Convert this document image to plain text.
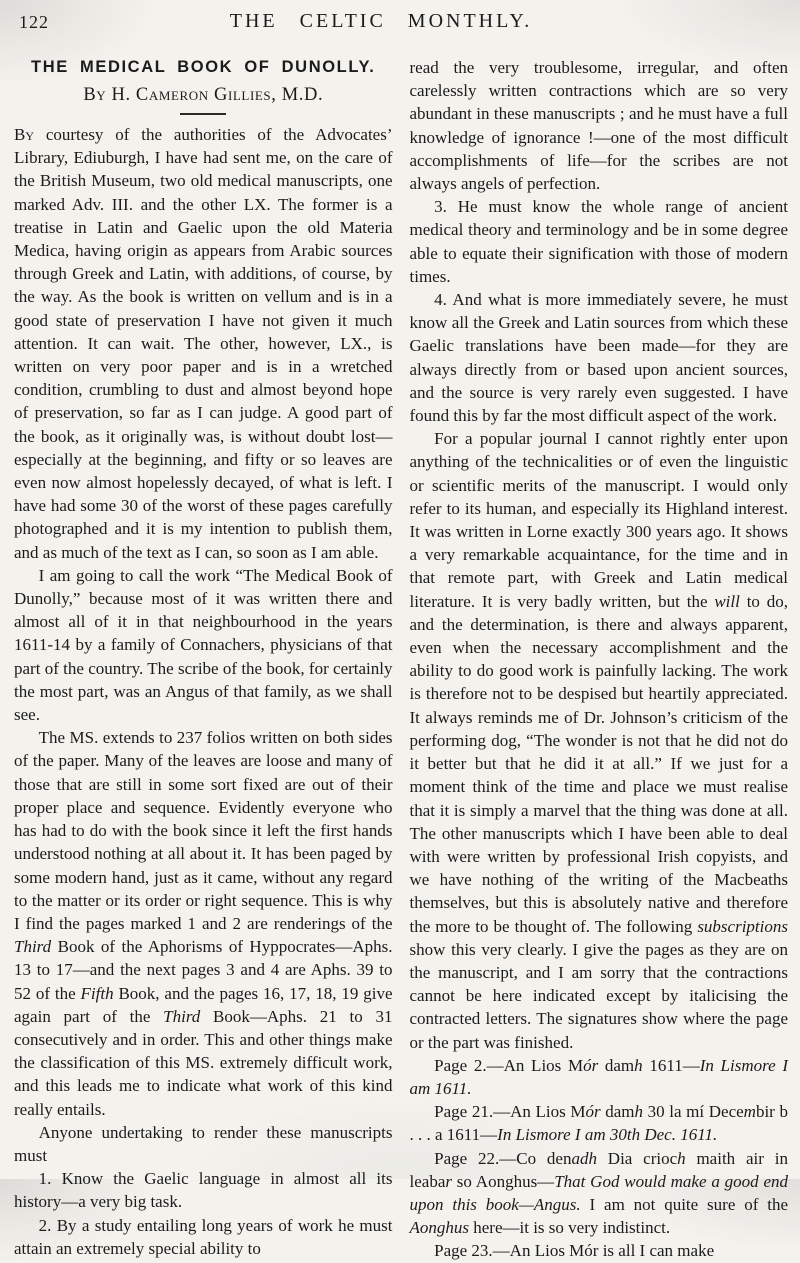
122	THE CELTIC MONTHLY.
THE MEDICAL BOOK OF DUNOLLY.
By H. Cameron Gillies, M.D.

By courtesy of the authorities of the Advocates’ Library, Ediuburgh, I have had sent me, on the care of the British Museum, two old medical manuscripts, one marked Adv. III. and the other LX. The former is a treatise in Latin and Gaelic upon the old Materia Medica, having origin as appears from Arabic sources through Greek and Latin, with additions, of course, by the way. As the book is written on vellum and is in a good state of preservation I have not given it much attention. It can wait. The other, however, LX., is written on very poor paper and is in a wretched condition, crumbling to dust and almost beyond hope of preservation, so far as I can judge. A good part of the book, as it originally was, is without doubt lost—especially at the beginning, and fifty or so leaves are even now almost hopelessly decayed, of what is left. I have had some 30 of the worst of these pages carefully photographed and it is my intention to publish them, and as much of the text as I can, so soon as I am able.

I am going to call the work “The Medical Book of Dunolly,” because most of it was written there and almost all of it in that neighbourhood in the years 1611-14 by a family of Connachers, physicians of that part of the country. The scribe of the book, for certainly the most part, was an Angus of that family, as we shall see.

The MS. extends to 237 folios written on both sides of the paper. Many of the leaves are loose and many of those that are still in some sort fixed are out of their proper place and sequence. Evidently everyone who has had to do with the book since it left the first hands understood nothing at all about it. It has been paged by some modern hand, just as it came, without any regard to the matter or its order or right sequence. This is why I find the pages marked 1 and 2 are renderings of the Third Book of the Aphorisms of Hyppocrates—Aphs. 13 to 17—and the next pages 3 and 4 are Aphs. 39 to 52 of the Fifth Book, and the pages 16, 17, 18, 19 give again part of the Third Book—Aphs. 21 to 31 consecutively and in order. This and other things make the classification of this MS. extremely difficult work, and this leads me to indicate what work of this kind really entails.

Anyone undertaking to render these manuscripts must

1. Know the Gaelic language in almost all its history—a very big task.

2. By a study entailing long years of work he must attain an extremely special ability to

read the very troublesome, irregular, and often carelessly written contractions which are so very abundant in these manuscripts ; and he must have a full knowledge of ignorance !—one of the most difficult accomplishments of life—for the scribes are not always angels of perfection.

3. He must know the whole range of ancient medical theory and terminology and be in some degree able to equate their signification with those of modern times.

4. And what is more immediately severe, he must know all the Greek and Latin sources from which these Gaelic translations have been made—for they are always directly from or based upon ancient sources, and the source is very rarely even suggested. I have found this by far the most difficult aspect of the work.

For a popular journal I cannot rightly enter upon anything of the technicalities or of even the linguistic or scientific merits of the manuscript. I would only refer to its human, and especially its Highland interest. It was written in Lorne exactly 300 years ago. It shows a very remarkable acquaintance, for the time and in that remote part, with Greek and Latin medical literature. It is very badly written, but the will to do, and the determination, is there and always apparent, even when the necessary accomplishment and the ability to do good work is painfully lacking. The work is therefore not to be despised but heartily appreciated. It always reminds me of Dr. Johnson’s criticism of the performing dog, “The wonder is not that he did not do it better but that he did it at all.” If we just for a moment think of the time and place we must realise that it is simply a marvel that the thing was done at all. The other manuscripts which I have been able to deal with were written by professional Irish copyists, and we have nothing of the writing of the Macbeaths themselves, but this is absolutely native and therefore the more to be thought of. The following subscriptions show this very clearly. I give the pages as they are on the manuscript, and I am sorry that the contractions cannot be here indicated except by italicising the contracted letters. The signatures show where the page or the part was finished.

Page 2.—An Lios Mór damh 1611—In Lismore I am 1611.

Page 21.—An Lios Mór damh 30 la mí Decembir b . . . a 1611—In Lismore I am 30th Dec. 1611.

Page 22.—Co denadh Dia crioch maith air in leabar so Aonghus—That God would make a good end upon this book—Angus. I am not quite sure of the Aonghus here—it is so very indistinct.

Page 23.—An Lios Mór is all I can make
